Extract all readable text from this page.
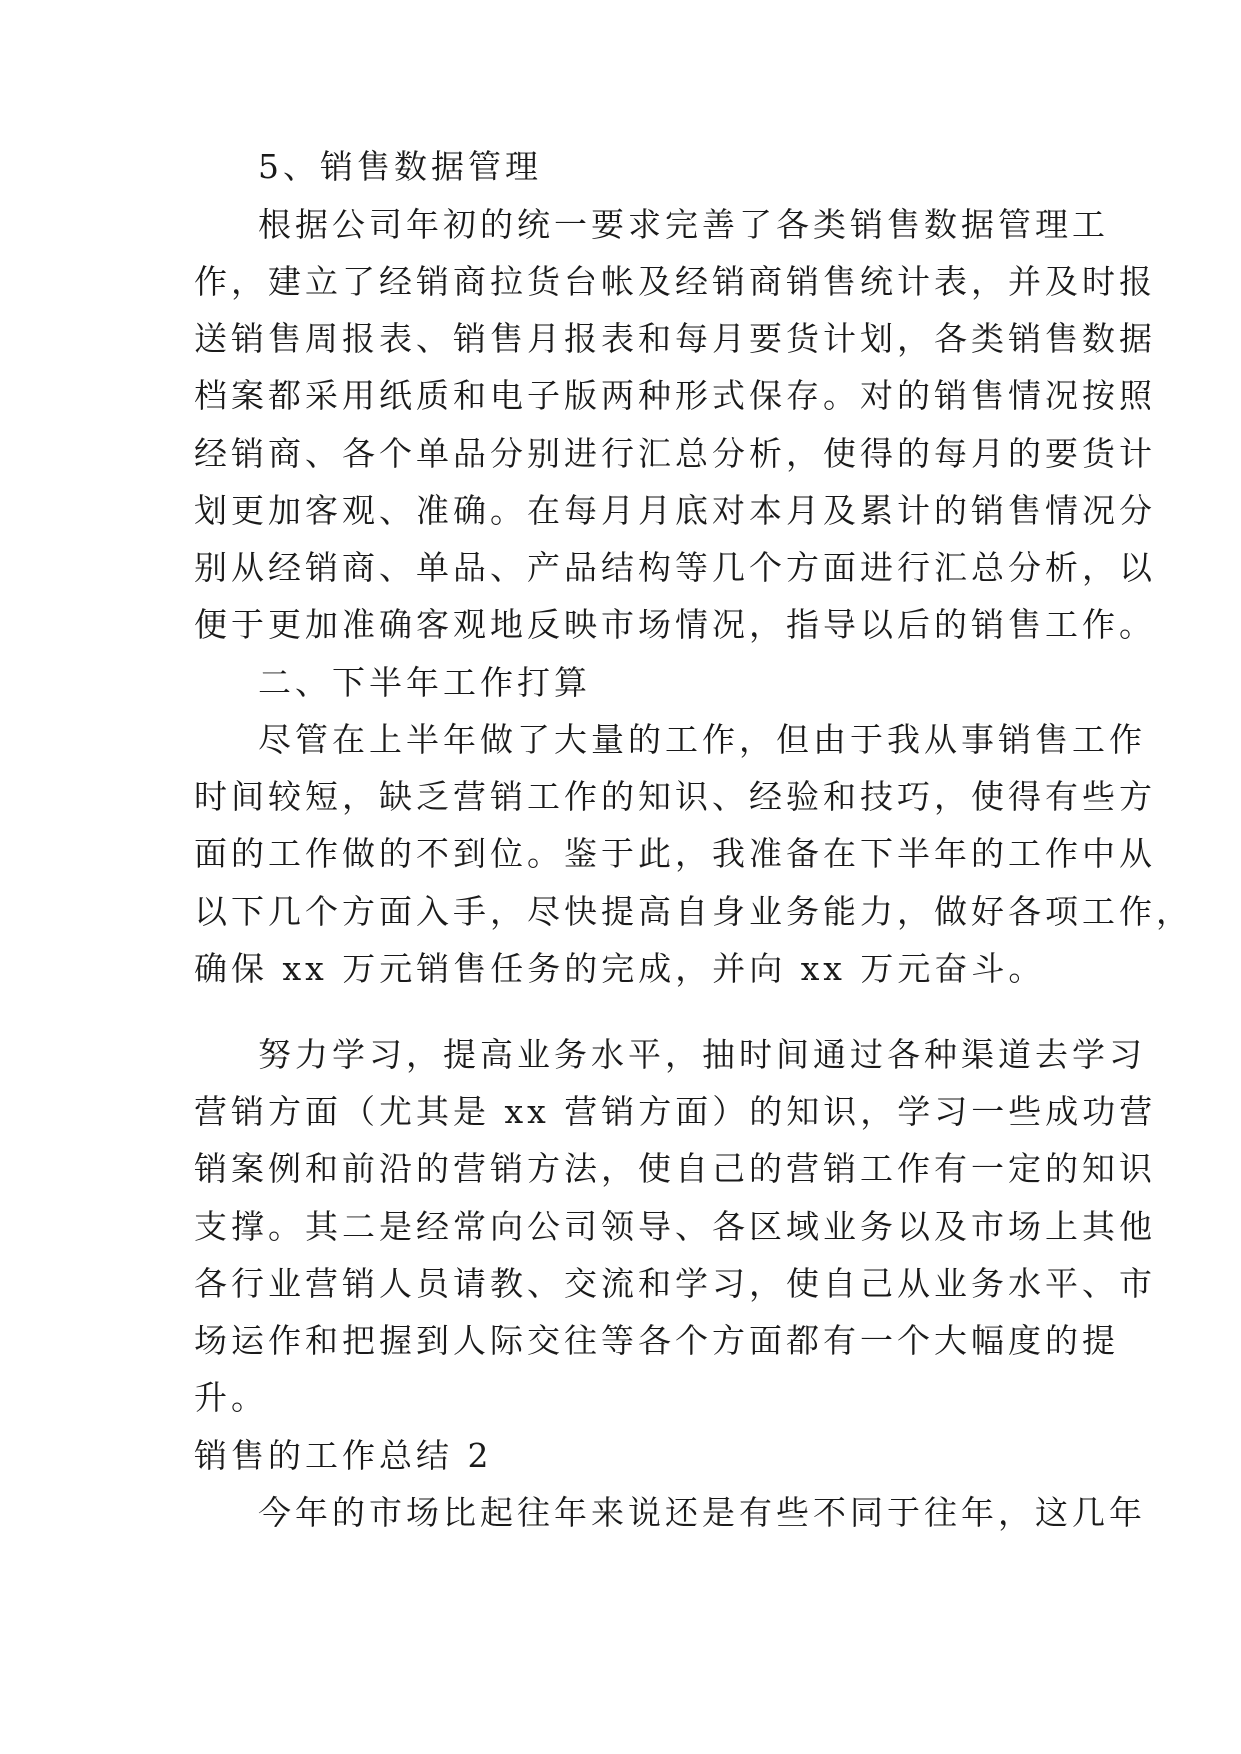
5、销售数据管理
根据公司年初的统一要求完善了各类销售数据管理工
作，建立了经销商拉货台帐及经销商销售统计表，并及时报
送销售周报表、销售月报表和每月要货计划，各类销售数据
档案都采用纸质和电子版两种形式保存。对的销售情况按照
经销商、各个单品分别进行汇总分析，使得的每月的要货计
划更加客观、准确。在每月月底对本月及累计的销售情况分
别从经销商、单品、产品结构等几个方面进行汇总分析，以
便于更加准确客观地反映市场情况，指导以后的销售工作。
二、下半年工作打算
尽管在上半年做了大量的工作，但由于我从事销售工作
时间较短，缺乏营销工作的知识、经验和技巧，使得有些方
面的工作做的不到位。鉴于此，我准备在下半年的工作中从
以下几个方面入手，尽快提高自身业务能力，做好各项工作，
确保 xx 万元销售任务的完成，并向 xx 万元奋斗。
努力学习，提高业务水平，抽时间通过各种渠道去学习
营销方面（尤其是 xx 营销方面）的知识，学习一些成功营
销案例和前沿的营销方法，使自己的营销工作有一定的知识
支撑。其二是经常向公司领导、各区域业务以及市场上其他
各行业营销人员请教、交流和学习，使自己从业务水平、市
场运作和把握到人际交往等各个方面都有一个大幅度的提
升。
销售的工作总结 2
今年的市场比起往年来说还是有些不同于往年，这几年
